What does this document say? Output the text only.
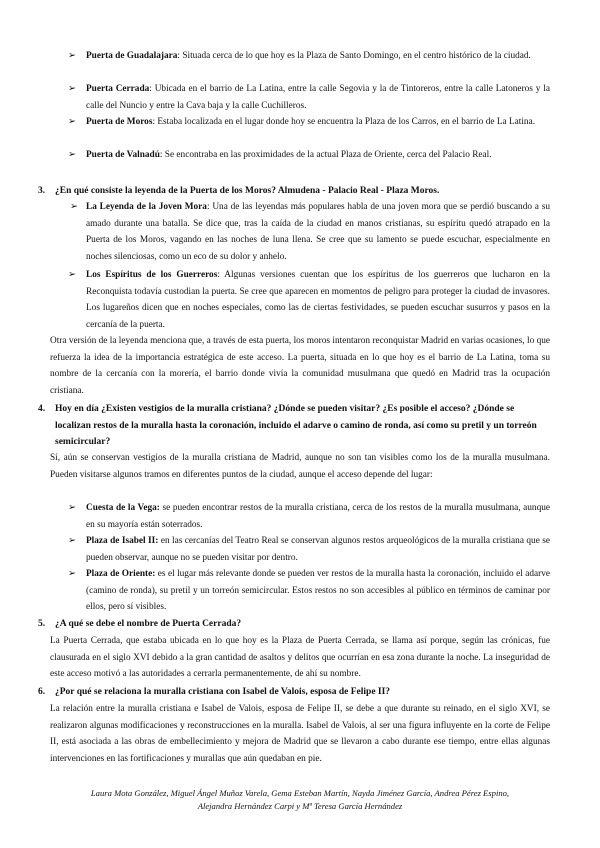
➢ Puerta de Guadalajara: Situada cerca de lo que hoy es la Plaza de Santo Domingo, en el centro histórico de la ciudad.
➢ Puerta Cerrada: Ubicada en el barrio de La Latina, entre la calle Segovia y la de Tintoreros, entre la calle Latoneros y la calle del Nuncio y entre la Cava baja y la calle Cuchilleros.
➢ Puerta de Moros: Estaba localizada en el lugar donde hoy se encuentra la Plaza de los Carros, en el barrio de La Latina.
➢ Puerta de Valnadú: Se encontraba en las proximidades de la actual Plaza de Oriente, cerca del Palacio Real.
3. ¿En qué consiste la leyenda de la Puerta de los Moros? Almudena - Palacio Real - Plaza Moros.
➢ La Leyenda de la Joven Mora: Una de las leyendas más populares habla de una joven mora que se perdió buscando a su amado durante una batalla. Se dice que, tras la caída de la ciudad en manos cristianas, su espíritu quedó atrapado en la Puerta de los Moros, vagando en las noches de luna llena. Se cree que su lamento se puede escuchar, especialmente en noches silenciosas, como un eco de su dolor y anhelo.
➢ Los Espíritus de los Guerreros: Algunas versiones cuentan que los espíritus de los guerreros que lucharon en la Reconquista todavía custodian la puerta. Se cree que aparecen en momentos de peligro para proteger la ciudad de invasores. Los lugareños dicen que en noches especiales, como las de ciertas festividades, se pueden escuchar susurros y pasos en la cercanía de la puerta.
Otra versión de la leyenda menciona que, a través de esta puerta, los moros intentaron reconquistar Madrid en varias ocasiones, lo que refuerza la idea de la importancia estratégica de este acceso. La puerta, situada en lo que hoy es el barrio de La Latina, toma su nombre de la cercanía con la morería, el barrio donde vivía la comunidad musulmana que quedó en Madrid tras la ocupación cristiana.
4. Hoy en día ¿Existen vestigios de la muralla cristiana? ¿Dónde se pueden visitar? ¿Es posible el acceso? ¿Dónde se localizan restos de la muralla hasta la coronación, incluido el adarve o camino de ronda, así como su pretil y un torreón semicircular?
Sí, aún se conservan vestigios de la muralla cristiana de Madrid, aunque no son tan visibles como los de la muralla musulmana. Pueden visitarse algunos tramos en diferentes puntos de la ciudad, aunque el acceso depende del lugar:
➢ Cuesta de la Vega: se pueden encontrar restos de la muralla cristiana, cerca de los restos de la muralla musulmana, aunque en su mayoría están soterrados.
➢ Plaza de Isabel II: en las cercanías del Teatro Real se conservan algunos restos arqueológicos de la muralla cristiana que se pueden observar, aunque no se pueden visitar por dentro.
➢ Plaza de Oriente: es el lugar más relevante donde se pueden ver restos de la muralla hasta la coronación, incluido el adarve (camino de ronda), su pretil y un torreón semicircular. Estos restos no son accesibles al público en términos de caminar por ellos, pero sí visibles.
5. ¿A qué se debe el nombre de Puerta Cerrada?
La Puerta Cerrada, que estaba ubicada en lo que hoy es la Plaza de Puerta Cerrada, se llama así porque, según las crónicas, fue clausurada en el siglo XVI debido a la gran cantidad de asaltos y delitos que ocurrían en esa zona durante la noche. La inseguridad de este acceso motivó a las autoridades a cerrarla permanentemente, de ahí su nombre.
6. ¿Por qué se relaciona la muralla cristiana con Isabel de Valois, esposa de Felipe II?
La relación entre la muralla cristiana e Isabel de Valois, esposa de Felipe II, se debe a que durante su reinado, en el siglo XVI, se realizaron algunas modificaciones y reconstrucciones en la muralla. Isabel de Valois, al ser una figura influyente en la corte de Felipe II, está asociada a las obras de embellecimiento y mejora de Madrid que se llevaron a cabo durante ese tiempo, entre ellas algunas intervenciones en las fortificaciones y murallas que aún quedaban en pie.
Laura Mota González, Miguel Ángel Muñoz Varela, Gema Esteban Martín, Nayda Jiménez García, Andrea Pérez Espino,
Alejandra Hernández Carpi y Mª Teresa García Hernández
